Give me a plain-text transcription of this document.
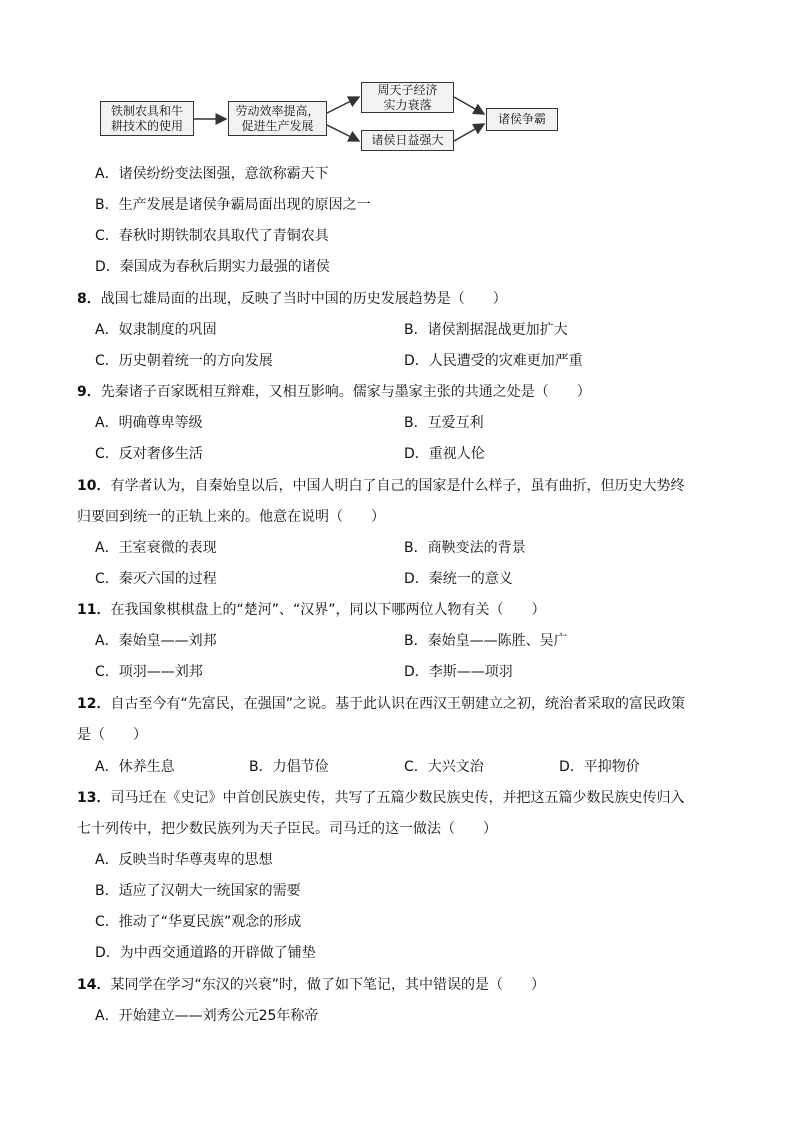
铁制农具和牛
耕技术的使用
劳动效率提高，
促进生产发展
周天子经济
实力衰落
诸侯日益强大
诸侯争霸
A．诸侯纷纷变法图强，意欲称霸天下
B．生产发展是诸侯争霸局面出现的原因之一
C．春秋时期铁制农具取代了青铜农具
D．秦国成为春秋后期实力最强的诸侯
8．战国七雄局面的出现，反映了当时中国的历史发展趋势是（　　）
A．奴隶制度的巩固	B．诸侯割据混战更加扩大
C．历史朝着统一的方向发展	D．人民遭受的灾难更加严重
9．先秦诸子百家既相互辩难，又相互影响。儒家与墨家主张的共通之处是（　　）
A．明确尊卑等级	B．互爱互利
C．反对奢侈生活	D．重视人伦
10．有学者认为，自秦始皇以后，中国人明白了自己的国家是什么样子，虽有曲折，但历史大势终
归要回到统一的正轨上来的。他意在说明（　　）
A．王室衰微的表现	B．商鞅变法的背景
C．秦灭六国的过程	D．秦统一的意义
11．在我国象棋棋盘上的“楚河”、“汉界”，同以下哪两位人物有关（　　）
A．秦始皇——刘邦	B．秦始皇——陈胜、吴广
C．项羽——刘邦	D．李斯——项羽
12．自古至今有“先富民，在强国”之说。基于此认识在西汉王朝建立之初，统治者采取的富民政策
是（　　）
A．休养生息	B．力倡节俭	C．大兴文治	D．平抑物价
13．司马迁在《史记》中首创民族史传，共写了五篇少数民族史传，并把这五篇少数民族史传归入
七十列传中，把少数民族列为天子臣民。司马迁的这一做法（　　）
A．反映当时华尊夷卑的思想
B．适应了汉朝大一统国家的需要
C．推动了“华夏民族”观念的形成
D．为中西交通道路的开辟做了铺垫
14．某同学在学习“东汉的兴衰”时，做了如下笔记，其中错误的是（　　）
A．开始建立——刘秀公元25年称帝
